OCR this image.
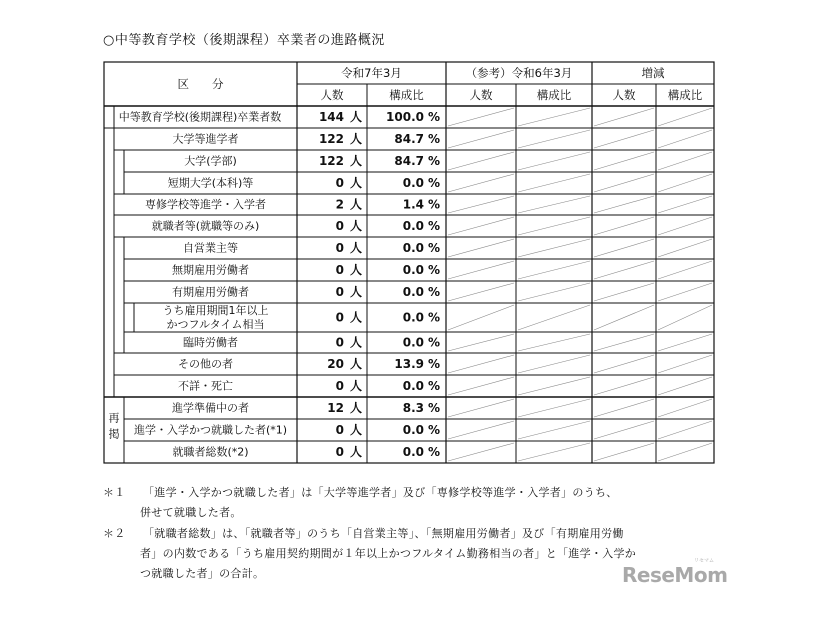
○中等教育学校（後期課程）卒業者の進路概況
区　　分
令和7年3月	（参考）令和6年3月	増減
人数	構成比	人数	構成比	人数	構成比
再
掲
中等教育学校(後期課程)卒業者数	144 人 100.0 %
大学等進学者	122 人	84.7 %
大学(学部)	122 人	84.7 %
短期大学(本科)等	0 人	0.0 %
専修学校等進学・入学者	2 人	1.4 %
就職者等(就職等のみ)	0 人	0.0 %
自営業主等	0 人	0.0 %
無期雇用労働者	0 人	0.0 %
有期雇用労働者	0 人	0.0 %
うち雇用期間1年以上
かつフルタイム相当	0 人	0.0 %
臨時労働者	0 人	0.0 %
その他の者	20 人	13.9 %
不詳・死亡	0 人	0.0 %
進学準備中の者	12 人	8.3 %
進学・入学かつ就職した者(*1)	0 人	0.0 %
就職者総数(*2)	0 人	0.0 %
＊１ 「進学・入学かつ就職した者」は「大学等進学者」及び「専修学校等進学・入学者」のうち、
併せて就職した者。
＊２ 「就職者総数」は、「就職者等」のうち「自営業主等」、「無期雇用労働者」及び「有期雇用労働
者」の内数である「うち雇用契約期間が１年以上かつフルタイム勤務相当の者」と「進学・入学か
つ就職した者」の合計。
リセマム
ReseMom
